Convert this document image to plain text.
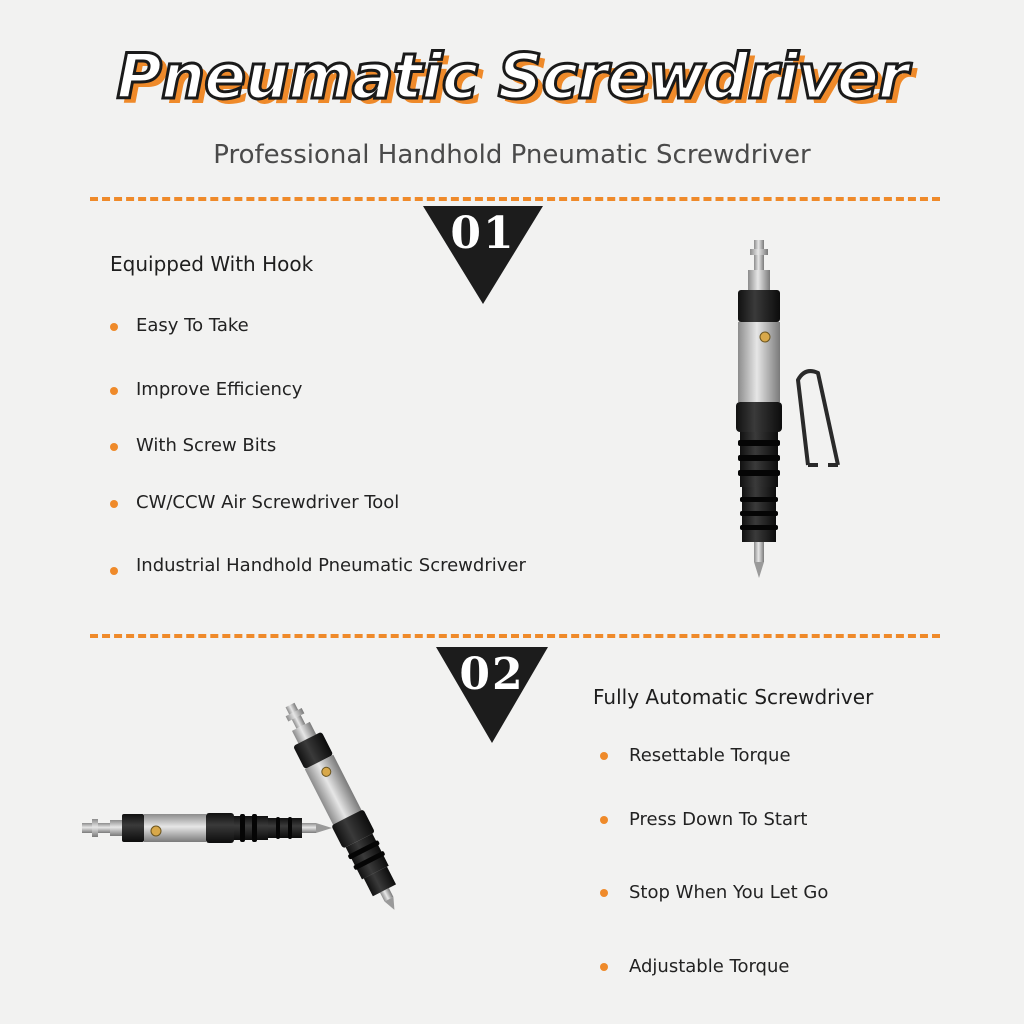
Pneumatic Screwdriver
Professional Handhold Pneumatic Screwdriver
01
Equipped With Hook
Easy To Take
Improve Efficiency
With Screw Bits
CW/CCW Air Screwdriver Tool
Industrial Handhold Pneumatic Screwdriver
02	Fully Automatic Screwdriver
Resettable Torque
Press Down To Start
Stop When You Let Go
Adjustable Torque
